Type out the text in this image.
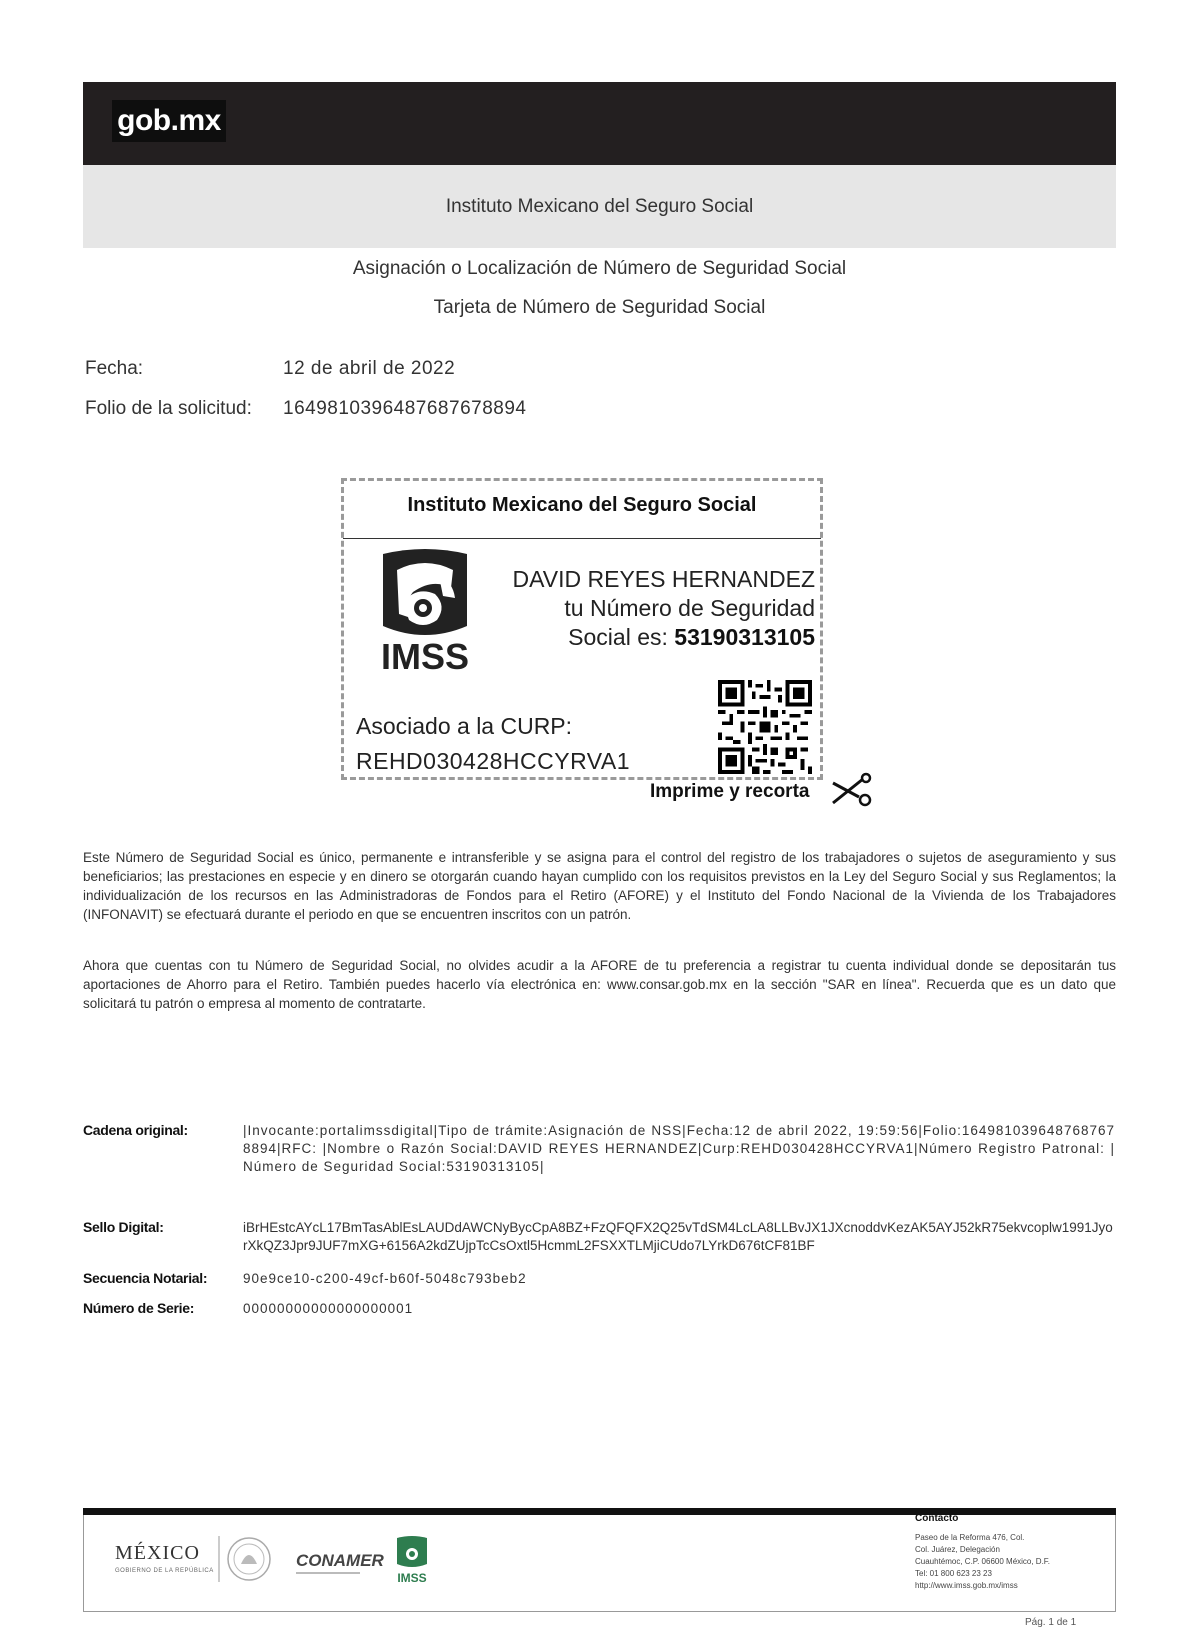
gob.mx
Instituto Mexicano del Seguro Social
Asignación o Localización de Número de Seguridad Social
Tarjeta de Número de Seguridad Social
Fecha:	12 de abril de 2022
Folio de la solicitud: 1649810396487687678894
Instituto Mexicano del Seguro Social
IMSS
DAVID REYES HERNANDEZ
tu Número de Seguridad
Social es: 53190313105
Asociado a la CURP:
REHD030428HCCYRVA1
Imprime y recorta
Este Número de Seguridad Social es único, permanente e intransferible y se asigna para el control del registro de los trabajadores o sujetos de aseguramiento y sus beneficiarios; las prestaciones en especie y en dinero se otorgarán cuando hayan cumplido con los requisitos previstos en la Ley del Seguro Social y sus Reglamentos; la individualización de los recursos en las Administradoras de Fondos para el Retiro (AFORE) y el Instituto del Fondo Nacional de la Vivienda de los Trabajadores (INFONAVIT) se efectuará durante el periodo en que se encuentren inscritos con un patrón.
Ahora que cuentas con tu Número de Seguridad Social, no olvides acudir a la AFORE de tu preferencia a registrar tu cuenta individual donde se depositarán tus aportaciones de Ahorro para el Retiro. También puedes hacerlo vía electrónica en: www.consar.gob.mx en la sección "SAR en línea". Recuerda que es un dato que solicitará tu patrón o empresa al momento de contratarte.
Cadena original:	|Invocante:portalimssdigital|Tipo de trámite:Asignación de NSS|Fecha:12 de abril 2022, 19:59:56|Folio:1649810396487687678894|RFC: |Nombre o Razón Social:DAVID REYES HERNANDEZ|Curp:REHD030428HCCYRVA1|Número Registro Patronal: |Número de Seguridad Social:53190313105|
Sello Digital:	iBrHEstcAYcL17BmTasAblEsLAUDdAWCNyBycCpA8BZ+FzQFQFX2Q25vTdSM4LcLA8LLBvJX1JXcnoddvKezAK5AYJ52kR75ekvcoplw1991JyorXkQZ3Jpr9JUF7mXG+6156A2kdZUjpTcCsOxtl5HcmmL2FSXXTLMjiCUdo7LYrkD676tCF81BF
Secuencia Notarial:	90e9ce10-c200-49cf-b60f-5048c793beb2
Número de Serie:	00000000000000000001
MÉXICO
GOBIERNO DE LA REPÚBLICA
CONAMER
IMSS
Contacto
Paseo de la Reforma 476, Col.
Col. Juárez, Delegación
Cuauhtémoc, C.P. 06600 México, D.F.
Tel: 01 800 623 23 23
http://www.imss.gob.mx/imss
Pág. 1 de 1
